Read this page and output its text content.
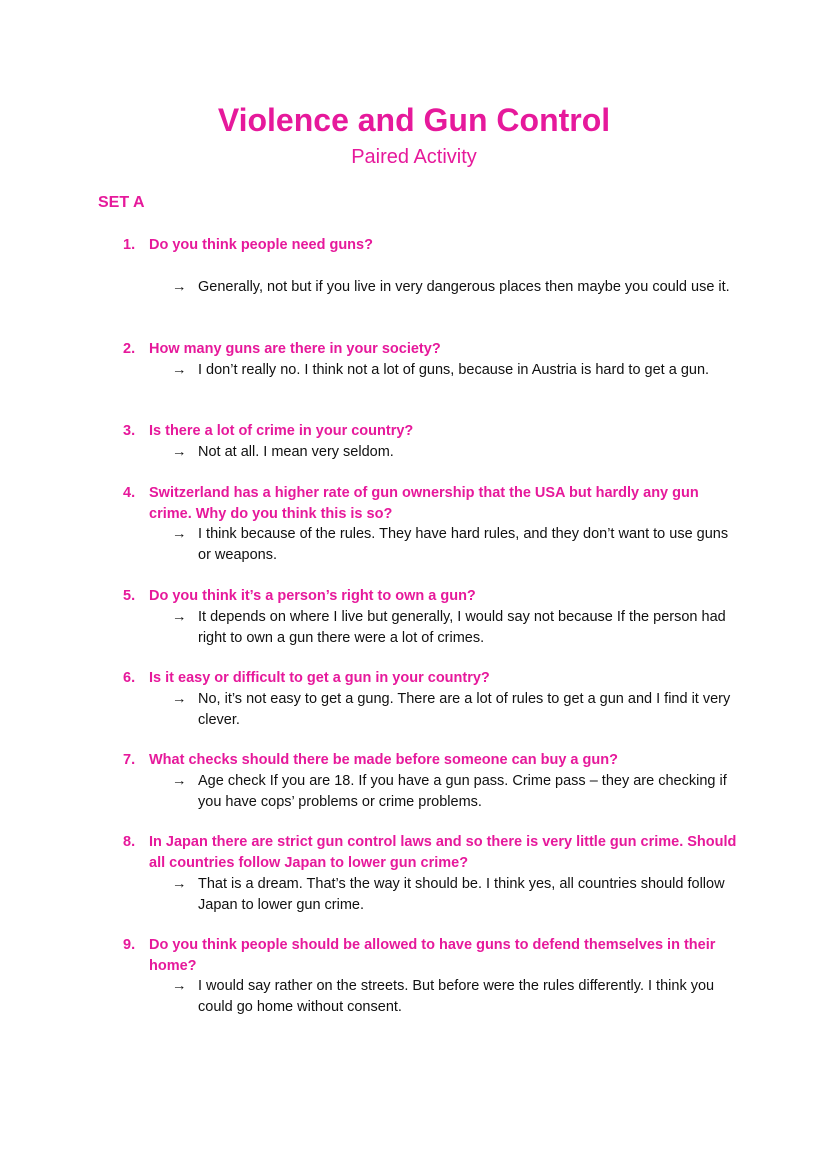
Violence and Gun Control
Paired Activity
SET A
1. Do you think people need guns?
→ Generally, not but if you live in very dangerous places then maybe you could use it.
2. How many guns are there in your society?
→ I don’t really no. I think not a lot of guns, because in Austria is hard to get a gun.
3. Is there a lot of crime in your country?
→ Not at all. I mean very seldom.
4. Switzerland has a higher rate of gun ownership that the USA but hardly any gun crime. Why do you think this is so?
→ I think because of the rules. They have hard rules, and they don’t want to use guns or weapons.
5. Do you think it’s a person’s right to own a gun?
→ It depends on where I live but generally, I would say not because If the person had right to own a gun there were a lot of crimes.
6. Is it easy or difficult to get a gun in your country?
→ No, it’s not easy to get a gung. There are a lot of rules to get a gun and I find it very clever.
7. What checks should there be made before someone can buy a gun?
→ Age check If you are 18. If you have a gun pass. Crime pass – they are checking if you have cops’ problems or crime problems.
8. In Japan there are strict gun control laws and so there is very little gun crime. Should all countries follow Japan to lower gun crime?
→ That is a dream. That’s the way it should be. I think yes, all countries should follow Japan to lower gun crime.
9. Do you think people should be allowed to have guns to defend themselves in their home?
→ I would say rather on the streets. But before were the rules differently. I think you could go home without consent.
